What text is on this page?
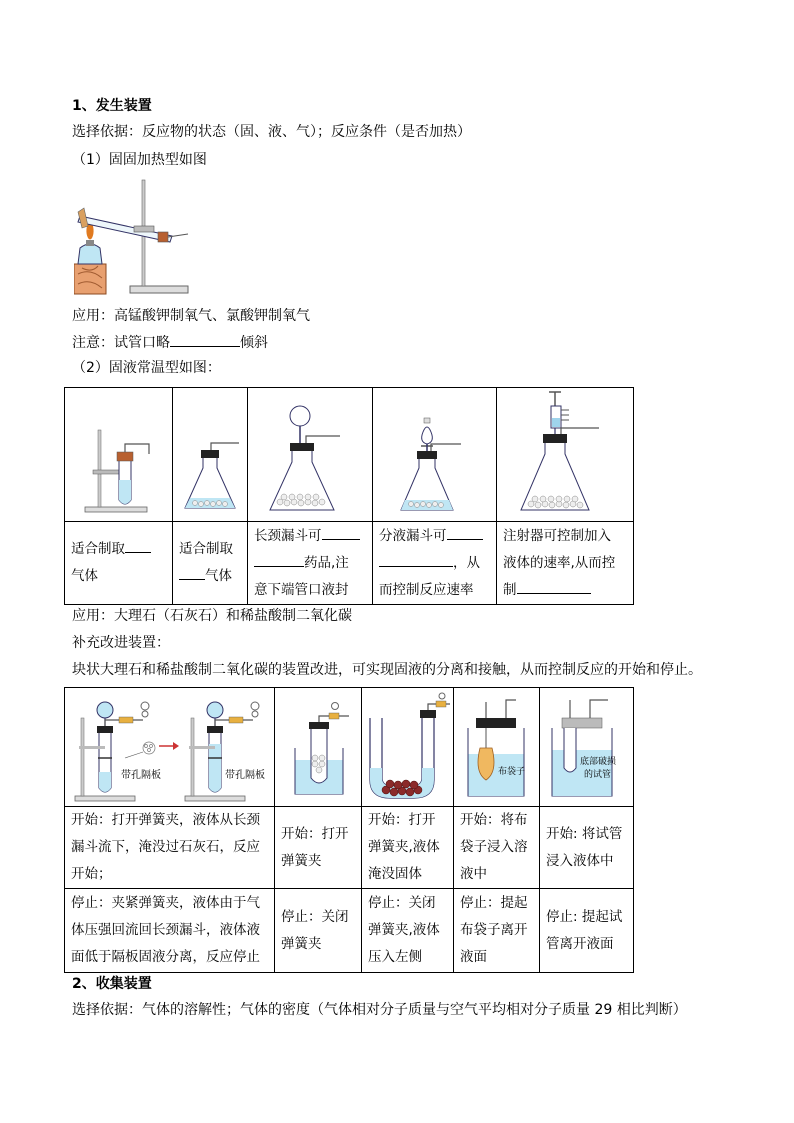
1、发生装置
选择依据：反应物的状态（固、液、气）；反应条件（是否加热）
（1）固固加热型如图
应用：高锰酸钾制氧气、氯酸钾制氧气
注意：试管口略	倾斜
（2）固液常温型如图：

适合制取
气体	适合制取
气体	长颈漏斗可
药品,注
意下端管口液封	分液漏斗可
，从
而控制反应速率	注射器可控制加入
液体的速率,从而控
制
应用：大理石（石灰石）和稀盐酸制二氧化碳
补充改进装置：
块状大理石和稀盐酸制二氧化碳的装置改进，可实现固液的分离和接触，从而控制反应的开始和停止。
带孔隔板 带孔隔板			布袋子	底部破损
的试管

开始：打开弹簧夹，液体从长颈漏斗流下，淹没过石灰石，反应开始；	开始：打开弹簧夹	开始：打开弹簧夹,液体淹没固体	开始：将布袋子浸入溶液中	开始: 将试管浸入液体中
停止：夹紧弹簧夹，液体由于气体压强回流回长颈漏斗，液体液面低于隔板固液分离，反应停止	停止：关闭弹簧夹	停止：关闭弹簧夹,液体压入左侧	停止：提起布袋子离开液面	停止: 提起试管离开液面
2、收集装置
选择依据：气体的溶解性；气体的密度（气体相对分子质量与空气平均相对分子质量 29 相比判断）
